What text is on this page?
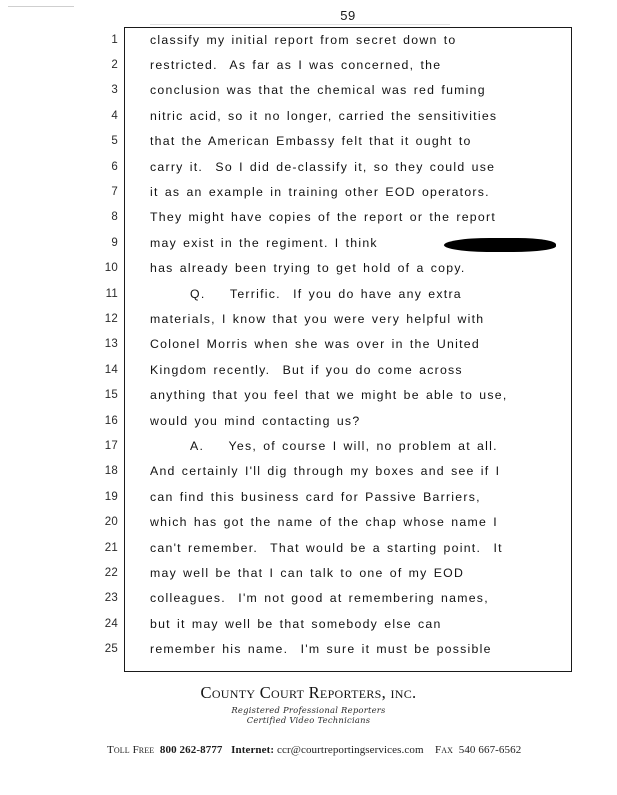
59
1	classify my initial report from secret down to
2	restricted.  As far as I was concerned, the
3	conclusion was that the chemical was red fuming
4	nitric acid, so it no longer, carried the sensitivities
5	that the American Embassy felt that it ought to
6	carry it.  So I did de-classify it, so they could use
7	it as an example in training other EOD operators.
8	They might have copies of the report or the report
9	may exist in the regiment. I think
10	has already been trying to get hold of a copy.
11	Q.    Terrific.  If you do have any extra
12	materials, I know that you were very helpful with
13	Colonel Morris when she was over in the United
14	Kingdom recently.  But if you do come across
15	anything that you feel that we might be able to use,
16	would you mind contacting us?
17	A.    Yes, of course I will, no problem at all.
18	And certainly I'll dig through my boxes and see if I
19	can find this business card for Passive Barriers,
20	which has got the name of the chap whose name I
21	can't remember.  That would be a starting point.  It
22	may well be that I can talk to one of my EOD
23	colleagues.  I'm not good at remembering names,
24	but it may well be that somebody else can
25	remember his name.  I'm sure it must be possible
County Court Reporters, inc.
Registered Professional Reporters
Certified Video Technicians

Toll Free 800 262-8777 Internet: ccr@courtreportingservices.com Fax 540 667-6562
